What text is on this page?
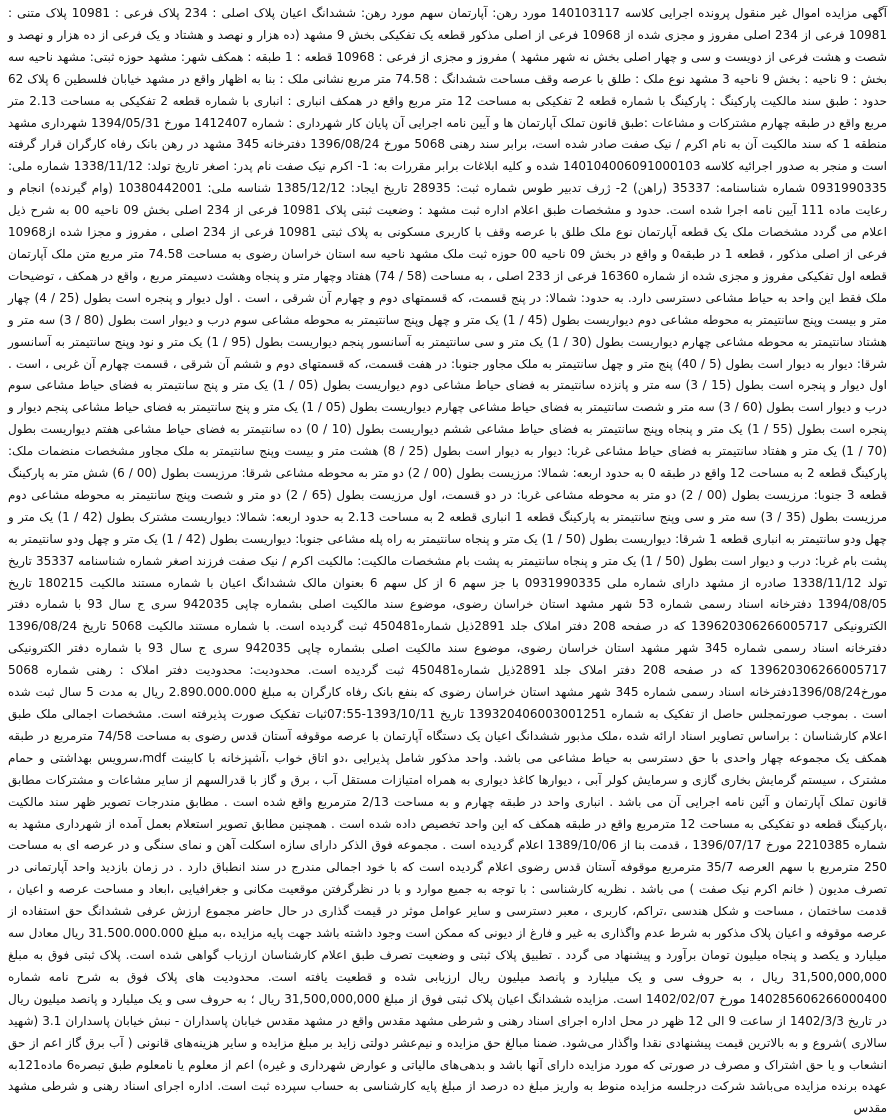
آگهی مزایده اموال غیر منقول پرونده اجرایی کلاسه 140103117 مورد رهن: آپارتمان سهم مورد رهن: ششدانگ اعیان پلاک اصلی : 234 پلاک فرعی : 10981 پلاک متنی : 10981 فرعی از 234 اصلی مفروز و مجزی شده از 10968 فرعی از اصلی مذکور قطعه یک تفکیکی بخش 9 مشهد (ده هزار و نهصد و هشتاد و یک فرعی از ده هزار و نهصد و شصت و هشت فرعی از دویست و سی و چهار اصلی بخش نه شهر مشهد ) مفروز و مجزی از فرعی : 10968 قطعه : 1 طبقه : همکف شهر: مشهد حوزه ثبتی: مشهد ناحیه سه بخش : 9 ناحیه : بخش 9 ناحیه 3 مشهد نوع ملک : طلق با عرصه وقف مساحت ششدانگ : 74.58 متر مربع نشانی ملک : بنا به اظهار واقع در مشهد خیابان فلسطین 6 پلاک 62 حدود : طبق سند مالکیت پارکینگ : پارکینگ با شماره قطعه 2 تفکیکی به مساحت 12 متر مربع واقع در همکف انباری : انباری با شماره قطعه 2 تفکیکی به مساحت 2.13 متر مربع واقع در طبقه چهارم مشترکات و مشاعات :طبق قانون تملک آپارتمان ها و آیین نامه اجرایی آن پایان کار شهرداری : شماره 1412407 مورخ 1394/05/31 شهرداری مشهد منطقه 1 که سند مالکیت آن به نام اکرم / نیک صفت صادر شده است، برابر سند رهنی 5068 مورخ 1396/08/24 دفترخانه 345 مشهد در رهن بانک رفاه کارگران قرار گرفته است و منجر به صدور اجرائیه کلاسه 140104006091000103 شده و کلیه ابلاغات برابر مقررات به: 1- اکرم نیک صفت نام پدر: اصغر تاریخ تولد: 1338/11/12 شماره ملی: 0931990335 شماره شناسنامه: 35337 (راهن) 2- ژرف تدبیر طوس شماره ثبت: 28935 تاریخ ایجاد: 1385/12/12 شناسه ملی: 10380442001 (وام گیرنده) انجام و رعایت ماده 111 آیین نامه اجرا شده است. حدود و مشخصات طبق اعلام اداره ثبت مشهد : وضعیت ثبتی پلاک 10981 فرعی از 234 اصلی بخش 09 ناحیه 00 به شرح ذیل اعلام می گردد مشخصات ملک یک قطعه آپارتمان نوع ملک طلق با عرصه وقف با کاربری مسکونی به پلاک ثبتی 10981 فرعی از 234 اصلی ، مفروز و مجزا شده از10968 فرعی از اصلی مذکور ، قطعه 1 در طبقه0 و واقع در بخش 09 ناحیه 00 حوزه ثبت ملک مشهد ناحیه سه استان خراسان رضوی به مساحت 74.58 متر مربع متن ملک آپارتمان قطعه اول تفکیکی مفروز و مجزی شده از شماره 16360 فرعی از 233 اصلی ، به مساحت (58 / 74) هفتاد وچهار متر و پنجاه وهشت دسیمتر مربع ، واقع در همکف ، توضیحات ملک فقط این واحد به حیاط مشاعی دسترسی دارد. به حدود: شمالا: در پنج قسمت، که قسمتهای دوم و چهارم آن شرقی ، است . اول دیوار و پنجره است بطول (25 / 4) چهار متر و بیست وپنج سانتیمتر به محوطه مشاعی دوم دیواریست بطول (45 / 1) یک متر و چهل وپنج سانتیمتر به محوطه مشاعی سوم درب و دیوار است بطول (80 / 3) سه متر و هشتاد سانتیمتر به محوطه مشاعی چهارم دیواریست بطول (30 / 1) یک متر و سی سانتیمتر به آسانسور پنجم دیواریست بطول (95 / 1) یک متر و نود وپنج سانتیمتر به آسانسور شرقا: دیوار به دیوار است بطول (5 / 40) پنج متر و چهل سانتیمتر به ملک مجاور جنوبا: در هفت قسمت، که قسمتهای دوم و ششم آن شرقی ، قسمت چهارم آن غربی ، است . اول دیوار و پنجره است بطول (15 / 3) سه متر و پانزده سانتیمتر به فضای حیاط مشاعی دوم دیواریست بطول (05 / 1) یک متر و پنج سانتیمتر به فضای حیاط مشاعی سوم درب و دیوار است بطول (60 / 3) سه متر و شصت سانتیمتر به فضای حیاط مشاعی چهارم دیواریست بطول (05 / 1) یک متر و پنج سانتیمتر به فضای حیاط مشاعی پنجم دیوار و پنجره است بطول (55 / 1) یک متر و پنجاه وپنج سانتیمتر به فضای حیاط مشاعی ششم دیواریست بطول (10 / 0) ده سانتیمتر به فضای حیاط مشاعی هفتم دیواریست بطول (70 / 1) یک متر و هفتاد سانتیمتر به فضای حیاط مشاعی غربا: دیوار به دیوار است بطول (25 / 8) هشت متر و بیست وپنج سانتیمتر به ملک مجاور مشخصات منضمات ملک: پارکینگ قطعه 2 به مساحت 12 واقع در طبقه 0 به حدود اربعه: شمالا: مرزیست بطول (00 / 2) دو متر به محوطه مشاعی شرقا: مرزیست بطول (00 / 6) شش متر به پارکینگ قطعه 3 جنوبا: مرزیست بطول (00 / 2) دو متر به محوطه مشاعی غربا: در دو قسمت، اول مرزیست بطول (65 / 2) دو متر و شصت وپنج سانتیمتر به محوطه مشاعی دوم مرزیست بطول (35 / 3) سه متر و سی وپنج سانتیمتر به پارکینگ قطعه 1 انباری قطعه 2 به مساحت 2.13 به حدود اربعه: شمالا: دیواریست مشترک بطول (42 / 1) یک متر و چهل ودو سانتیمتر به انباری قطعه 1 شرقا: دیواریست بطول (50 / 1) یک متر و پنجاه سانتیمتر به راه پله مشاعی جنوبا: دیواریست بطول (42 / 1) یک متر و چهل ودو سانتیمتر به پشت بام غربا: درب و دیوار است بطول (50 / 1) یک متر و پنجاه سانتیمتر به پشت بام مشخصات مالکیت: مالکیت اکرم / نیک صفت فرزند اصغر شماره شناسنامه 35337 تاریخ تولد 1338/11/12 صادره از مشهد دارای شماره ملی 0931990335 با جز سهم 6 از کل سهم 6 بعنوان مالک ششدانگ اعیان با شماره مستند مالکیت 180215 تاریخ 1394/08/05 دفترخانه اسناد رسمی شماره 53 شهر مشهد استان خراسان رضوی، موضوع سند مالکیت اصلی بشماره چاپی 942035 سری ج سال 93 با شماره دفتر الکترونیکی 139620306266005717 که در صفحه 208 دفتر املاک جلد 2891ذیل شماره450481 ثبت گردیده است. با شماره مستند مالکیت 5068 تاریخ 1396/08/24 دفترخانه اسناد رسمی شماره 345 شهر مشهد استان خراسان رضوی، موضوع سند مالکیت اصلی بشماره چاپی 942035 سری ج سال 93 با شماره دفتر الکترونیکی 139620306266005717 که در صفحه 208 دفتر املاک جلد 2891ذیل شماره450481 ثبت گردیده است. محدودیت: محدودیت دفتر املاک : رهنی شماره 5068 مورخ1396/08/24دفترخانه اسناد رسمی شماره 345 شهر مشهد استان خراسان رضوی که بنفع بانک رفاه کارگران به مبلغ 2.890.000.000 ریال به مدت 5 سال ثبت شده است . بموجب صورتمجلس حاصل از تفکیک به شماره 139320406003001251 تاریخ 1393/10/11-07:55ثبات تفکیک صورت پذیرفته است. مشخصات اجمالی ملک طبق اعلام کارشناسان : براساس تصاویر اسناد ارائه شده ،ملک مذبور ششدانگ اعیان یک دستگاه آپارتمان با عرصه موقوفه آستان قدس رضوی به مساحت 74/58 مترمربع در طبقه همکف یک مجموعه چهار واحدی با حق دسترسی به حیاط مشاعی می باشد. واحد مذکور شامل پذیرایی ،دو اتاق خواب ،آشپزخانه با کابینت mdf،سرویس بهداشتی و حمام مشترک ، سیستم گرمایش بخاری گازی و سرمایش کولر آبی ، دیوارها کاغذ دیواری به همراه امتیازات مستقل آب ، برق و گاز با قدرالسهم از سایر مشاعات و مشترکات مطابق قانون تملک آپارتمان و آئین نامه اجرایی آن می باشد . انباری واحد در طبقه چهارم و به مساحت 2/13 مترمربع واقع شده است . مطابق مندرجات تصویر ظهر سند مالکیت ،پارکینگ قطعه دو تفکیکی به مساحت 12 مترمربع واقع در طبقه همکف که این واحد تخصیص داده شده است . همچنین مطابق تصویر استعلام بعمل آمده از شهرداری مشهد به شماره 2210385 مورخ 1396/07/17 ، قدمت بنا از 1389/10/06 اعلام گردیده است . مجموعه فوق الذکر دارای سازه اسکلت آهن و نمای سنگی و در عرصه ای به مساحت 250 مترمربع با سهم العرصه 35/7 مترمربع موقوفه آستان قدس رضوی اعلام گردیده است که با خود اجمالی مندرج در سند انطباق دارد . در زمان بازدید واحد آپارتمانی در تصرف مدیون ( خانم اکرم نیک صفت ) می باشد . نظریه کارشناسی : با توجه به جمیع موارد و با در نظرگرفتن موقعیت مکانی و جغرافیایی ،ابعاد و مساحت عرصه و اعیان ، قدمت ساختمان ، مساحت و شکل هندسی ،تراکم، کاربری ، معبر دسترسی و سایر عوامل موثر در قیمت گذاری در حال حاضر مجموع ارزش عرفی ششدانگ حق استفاده از عرصه موقوفه و اعیان پلاک مذکور به شرط عدم واگذاری به غیر و فارغ از دیونی که ممکن است وجود داشته باشد جهت پایه مزایده ،به مبلغ 31.500.000.000 ریال معادل سه میلیارد و یکصد و پنجاه میلیون تومان برآورد و پیشنهاد می گردد . تطبیق پلاک ثبتی و وضعیت تصرف طبق اعلام کارشناسان ارزیاب گواهی شده است. پلاک ثبتی فوق به مبلغ 31,500,000,000 ریال ، به حروف سی و یک میلیارد و پانصد میلیون ریال ارزیابی شده و قطعیت یافته است. محدودیت های پلاک فوق به شرح نامه شماره 140285606266000400 مورخ 1402/02/07 است. مزایده ششدانگ اعیان پلاک ثبتی فوق از مبلغ 31,500,000,000 ریال ؛ به حروف سی و یک میلیارد و پانصد میلیون ریال در تاریخ 1402/3/3 از ساعت 9 الی 12 ظهر در محل اداره اجرای اسناد رهنی و شرطی مشهد مقدس واقع در مشهد مقدس خیابان پاسداران - نبش خیابان پاسداران 3.1 (شهید سالاری )شروع و به بالاترین قیمت پیشنهادی نقدا واگذار می‌شود. ضمنا مبالغ حق مزایده و نیم‌عشر دولتی زاید بر مبلغ مزایده و سایر هزینه‌های قانونی ( آب برق گاز اعم از حق انشعاب و یا حق اشتراک و مصرف در صورتی که مورد مزایده دارای آنها باشد و بدهی‌های مالیاتی و عوارض شهرداری و غیره) اعم از معلوم یا نامعلوم طبق تبصره6 ماده121به عهده برنده مزایده می‌باشد شرکت درجلسه مزایده منوط به واریز مبلغ ده درصد از مبلغ پایه کارشناسی به حساب سپرده ثبت است. اداره اجرای اسناد رهنی و شرطی مشهد مقدس
